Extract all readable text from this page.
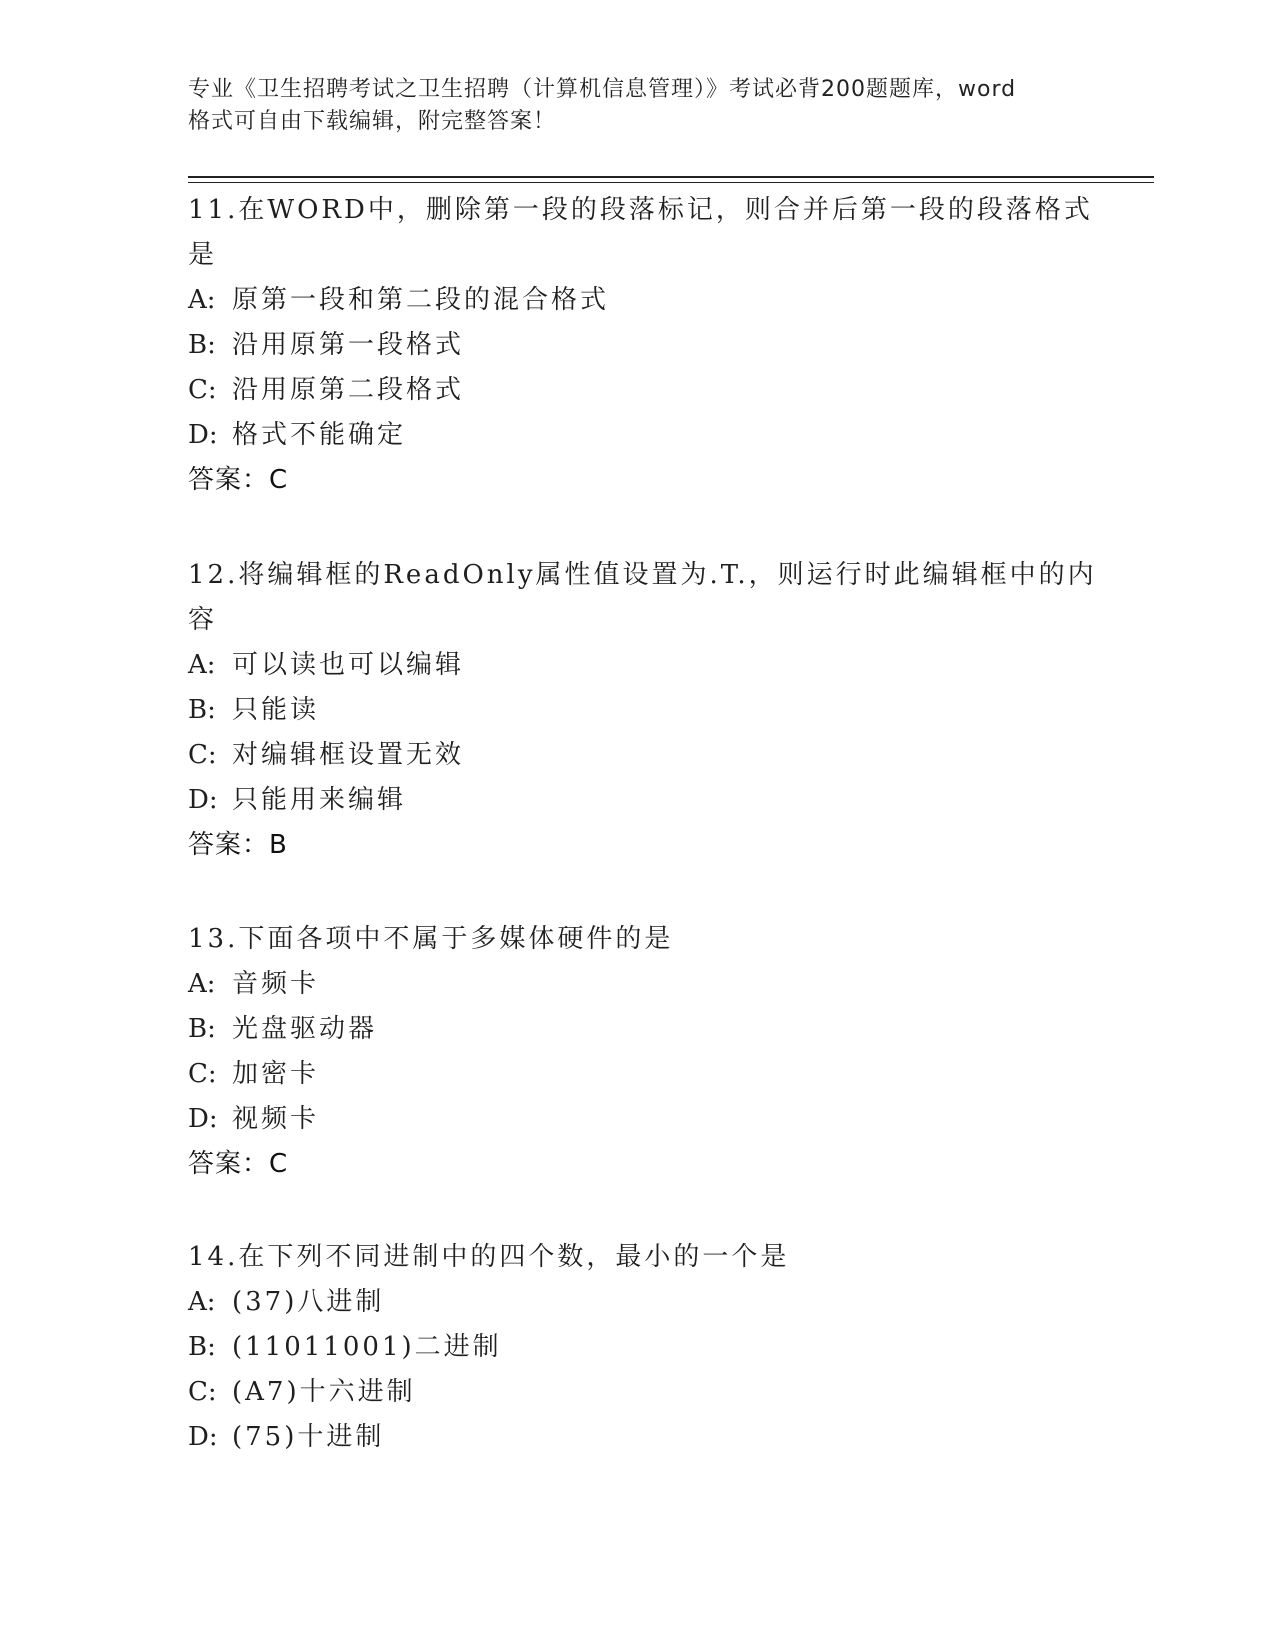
专业《卫生招聘考试之卫生招聘（计算机信息管理）》考试必背200题题库，word
格式可自由下载编辑，附完整答案！
11.在WORD中，删除第一段的段落标记，则合并后第一段的段落格式
是
A: 原第一段和第二段的混合格式
B: 沿用原第一段格式
C: 沿用原第二段格式
D: 格式不能确定
答案：C
12.将编辑框的ReadOnly属性值设置为.T.，则运行时此编辑框中的内
容
A: 可以读也可以编辑
B: 只能读
C: 对编辑框设置无效
D: 只能用来编辑
答案：B
13.下面各项中不属于多媒体硬件的是
A: 音频卡
B: 光盘驱动器
C: 加密卡
D: 视频卡
答案：C
14.在下列不同进制中的四个数，最小的一个是
A: (37)八进制
B: (11011001)二进制
C: (A7)十六进制
D: (75)十进制
